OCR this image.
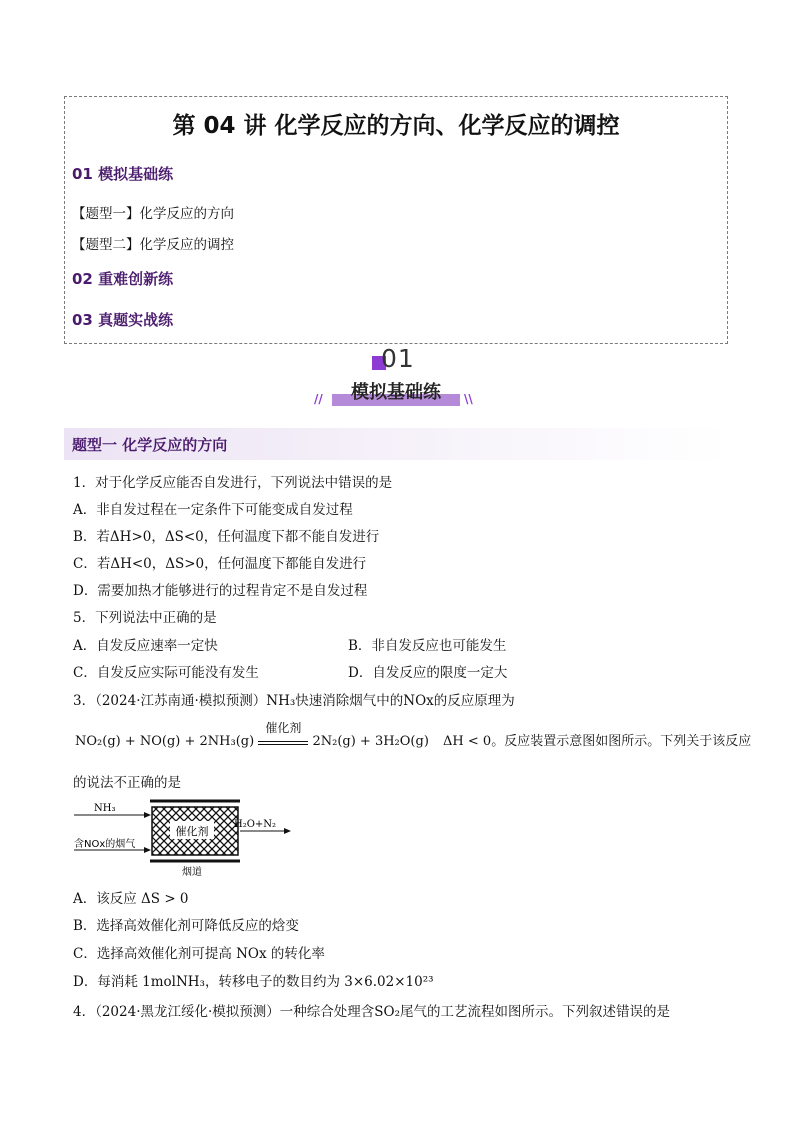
第 04 讲 化学反应的方向、化学反应的调控
01 模拟基础练
【题型一】化学反应的方向
【题型二】化学反应的调控
02 重难创新练
03 真题实战练
01
//	模拟基础练	\\
题型一 化学反应的方向
1．对于化学反应能否自发进行，下列说法中错误的是
A．非自发过程在一定条件下可能变成自发过程
B．若ΔH>0，ΔS<0，任何温度下都不能自发进行
C．若ΔH<0，ΔS>0，任何温度下都能自发进行
D．需要加热才能够进行的过程肯定不是自发过程
5．下列说法中正确的是
A．自发反应速率一定快	B．非自发反应也可能发生
C．自发反应实际可能没有发生	D．自发反应的限度一定大
3．（2024·江苏南通·模拟预测）NH₃快速消除烟气中的NOx的反应原理为
NO₂(g) + NO(g) + 2NH₃(g)
催化剂
2N₂(g) + 3H₂O(g) ΔH < 0。反应装置示意图如图所示。下列关于该反应
的说法不正确的是
催化剂
NH₃
含NOx的烟气
H₂O+N₂
烟道
A．该反应 ΔS > 0
B．选择高效催化剂可降低反应的焓变
C．选择高效催化剂可提高 NOx 的转化率
D．每消耗 1molNH₃，转移电子的数目约为 3×6.02×10²³
4．（2024·黑龙江绥化·模拟预测）一种综合处理含SO₂尾气的工艺流程如图所示。下列叙述错误的是
